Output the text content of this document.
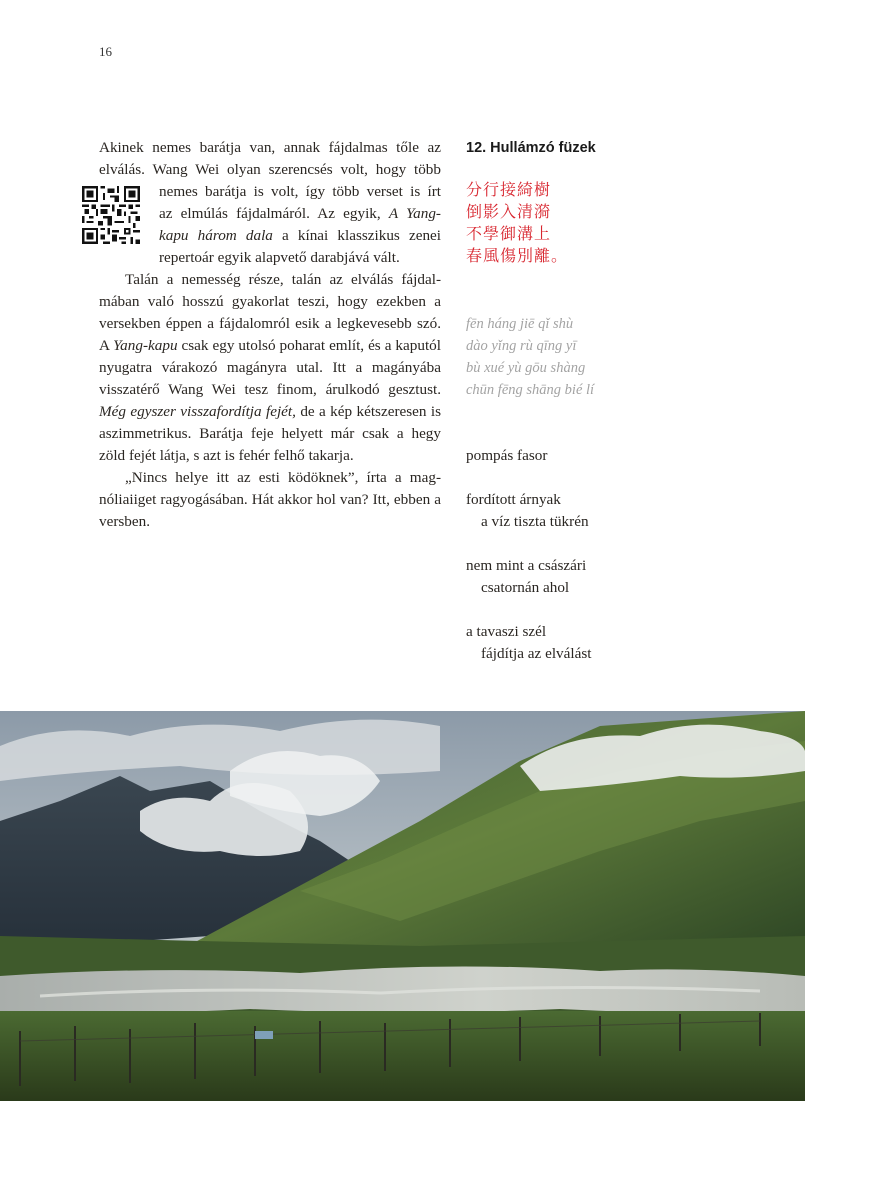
16

Akinek nemes barátja van, annak fájdalmas tőle az
elválás. Wang Wei olyan szerencsés volt, hogy több

nemes barátja is volt, így több verset is írt
az elmúlás fájdalmáról. Az egyik, A Yang-
kapu három dala a kínai klasszikus zenei
repertoár egyik alapvető darabjává vált.

Talán a nemesség része, talán az elválás fájdalmában való hosszú gyakorlat teszi, hogy ezekben a versekben éppen a fájdalomról esik a legkevesebb szó. A Yang-kapu csak egy utolsó poharat említ, és a kaputól nyugatra várakozó magányra utal. Itt a magányába visszatérő Wang Wei tesz finom, árulkodó gesztust. Még egyszer visszafordítja fejét, de a kép kétszeresen is aszimmetrikus. Barátja feje helyett már csak a hegy zöld fejét látja, s azt is fehér felhő takarja.

„Nincs helye itt az esti ködöknek”, írta a magnóliaiiget ragyogásában. Hát akkor hol van? Itt, ebben a versben.

12. Hullámzó füzek
分行接綺樹
倒影入清漪
不學御溝上
春風傷別離。
fēn háng jiē qǐ shù
dào yǐng rù qīng yī
bù xué yù gōu shàng
chūn fēng shāng bié lí
pompás fasor
fordított árnyak
a víz tiszta tükrén
nem mint a császári
csatornán ahol
a tavaszi szél
fájdítja az elválást
